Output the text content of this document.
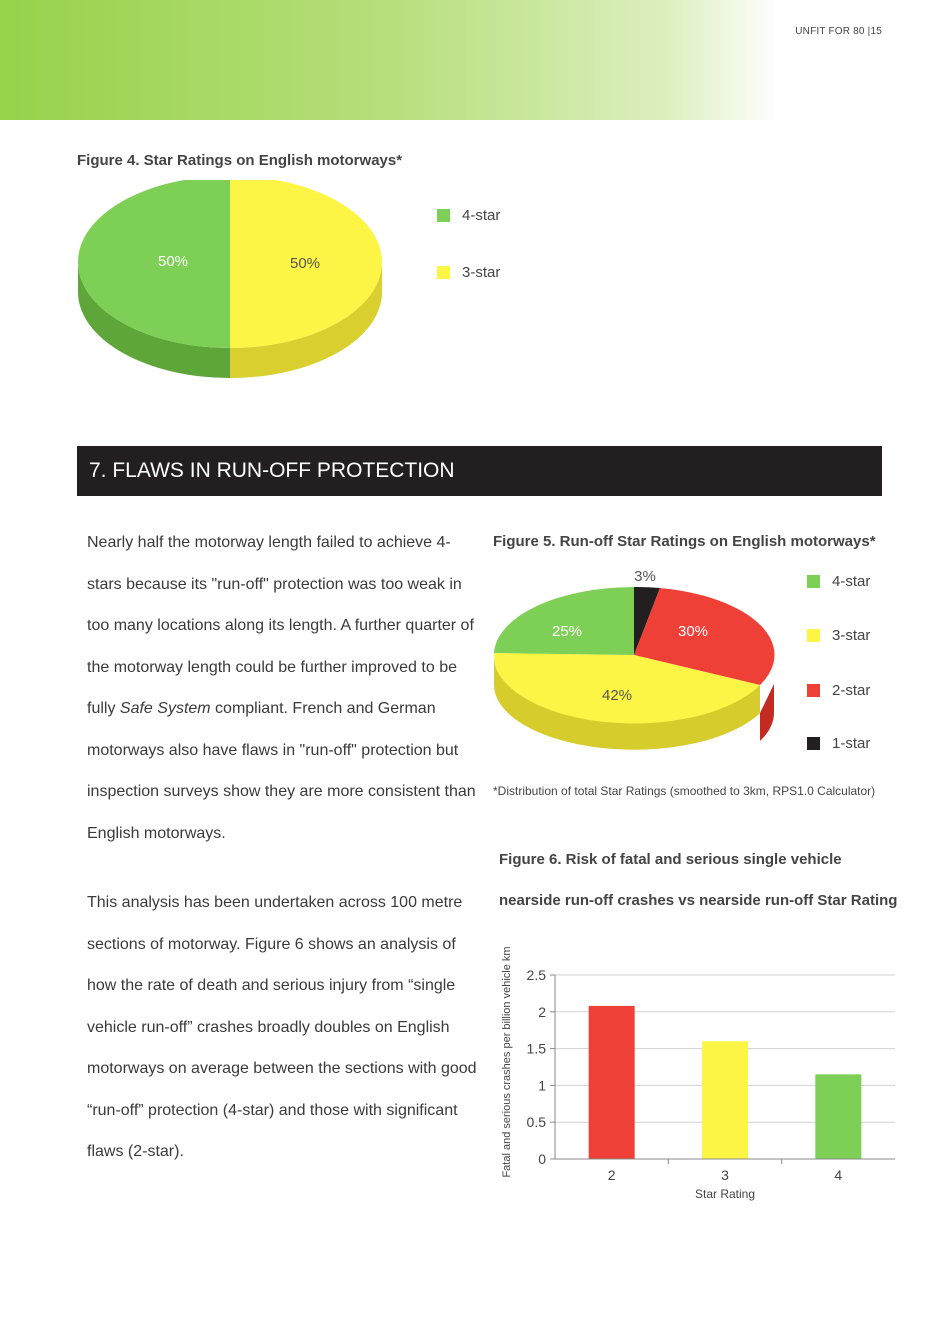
UNFIT FOR 80 |15
Figure 4. Star Ratings on English motorways*
50%	50%
4-star
3-star
7. FLAWS IN RUN-OFF PROTECTION

Nearly half the motorway length failed to achieve 4-stars because its "run-off" protection was too weak in too many locations along its length. A further quarter of the motorway length could be further improved to be fully Safe System compliant. French and German motorways also have flaws in "run-off" protection but inspection surveys show they are more consistent than English motorways.

This analysis has been undertaken across 100 metre sections of motorway. Figure 6 shows an analysis of how the rate of death and serious injury from “single vehicle run-off” crashes broadly doubles on English motorways on average between the sections with good “run-off” protection (4-star) and those with significant flaws (2-star).

Figure 5. Run-off Star Ratings on English motorways*
3%
30%
42%
25%
4-star
3-star
2-star
1-star
*Distribution of total Star Ratings (smoothed to 3km, RPS1.0 Calculator)
Figure 6. Risk of fatal and serious single vehicle
nearside run-off crashes vs nearside run-off Star Rating
0
0.5
1
1.5
2
2.5
2	3	4
Star Rating
Fatal and serious crashes per billion vehicle km
